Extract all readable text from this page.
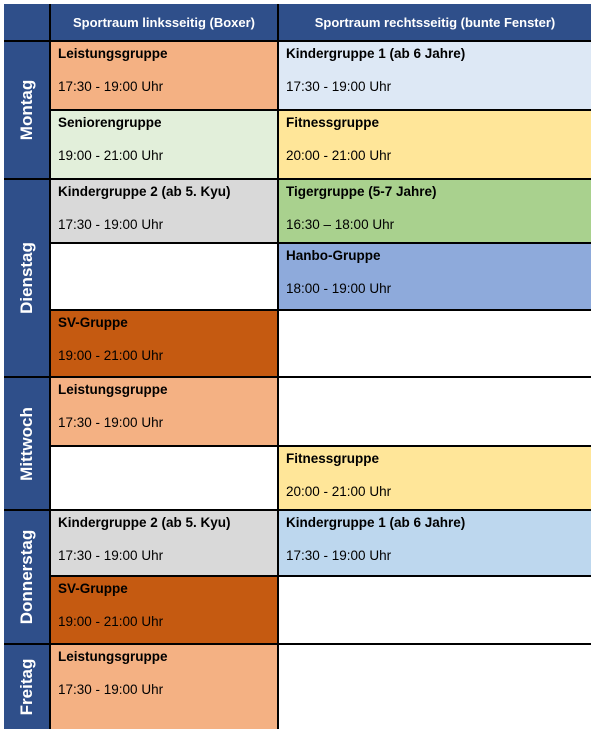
Sportraum linksseitig (Boxer)	Sportraum rechtsseitig (bunte Fenster)
Montag
Dienstag
Mittwoch
Donnerstag
Freitag
Leistungsgruppe
17:30 - 19:00 Uhr
Seniorengruppe
19:00 - 21:00 Uhr
Kindergruppe 1 (ab 6 Jahre)
17:30 - 19:00 Uhr
Fitnessgruppe
20:00 - 21:00 Uhr
Kindergruppe 2 (ab 5. Kyu)
17:30 - 19:00 Uhr
SV-Gruppe
19:00 - 21:00 Uhr
Tigergruppe (5-7 Jahre)
16:30 – 18:00 Uhr
Hanbo-Gruppe
18:00 - 19:00 Uhr
Leistungsgruppe
17:30 - 19:00 Uhr
Fitnessgruppe
20:00 - 21:00 Uhr
Kindergruppe 2 (ab 5. Kyu)
17:30 - 19:00 Uhr
SV-Gruppe
19:00 - 21:00 Uhr
Kindergruppe 1 (ab 6 Jahre)
17:30 - 19:00 Uhr
Leistungsgruppe
17:30 - 19:00 Uhr
